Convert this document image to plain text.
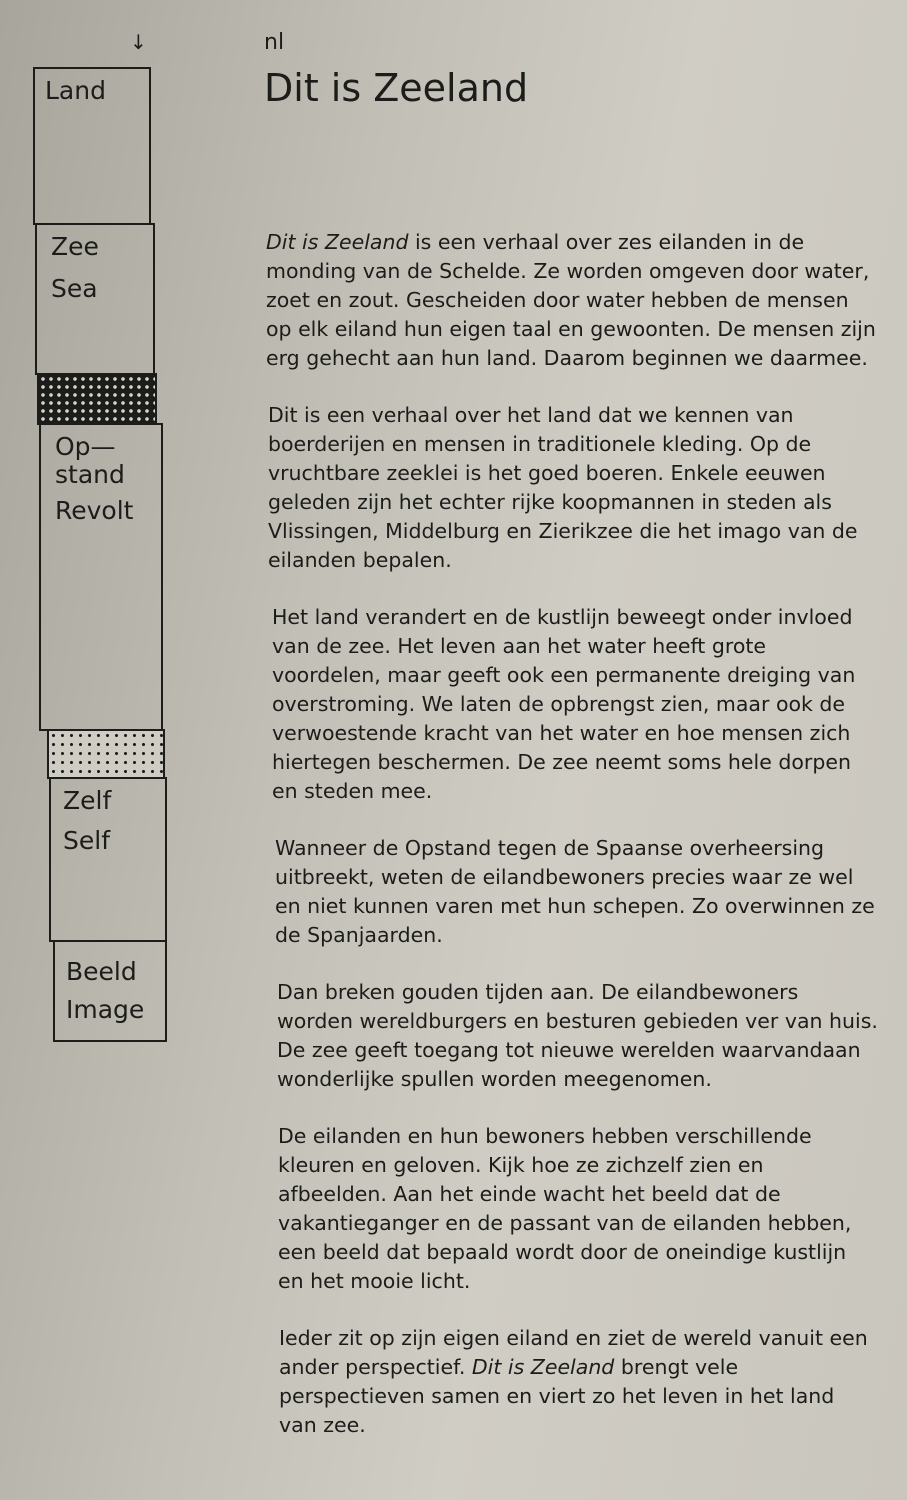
↓	nl
Dit is Zeeland
Land
Zee
Sea
Op—
stand
Revolt
Zelf
Self
Beeld
Image

Dit is Zeeland is een verhaal over zes eilanden in de monding van de Schelde. Ze worden omgeven door water, zoet en zout. Gescheiden door water hebben de mensen op elk eiland hun eigen taal en gewoonten. De mensen zijn erg gehecht aan hun land. Daarom beginnen we daarmee.

Dit is een verhaal over het land dat we kennen van boerderijen en mensen in traditionele kleding. Op de vruchtbare zeeklei is het goed boeren. Enkele eeuwen geleden zijn het echter rijke koopmannen in steden als Vlissingen, Middelburg en Zierikzee die het imago van de eilanden bepalen.

Het land verandert en de kustlijn beweegt onder invloed van de zee. Het leven aan het water heeft grote voordelen, maar geeft ook een permanente dreiging van overstroming. We laten de opbrengst zien, maar ook de verwoestende kracht van het water en hoe mensen zich hiertegen beschermen. De zee neemt soms hele dorpen en steden mee.

Wanneer de Opstand tegen de Spaanse overheersing uitbreekt, weten de eilandbewoners precies waar ze wel en niet kunnen varen met hun schepen. Zo overwinnen ze de Spanjaarden.

Dan breken gouden tijden aan. De eilandbewoners worden wereldburgers en besturen gebieden ver van huis. De zee geeft toegang tot nieuwe werelden waarvandaan wonderlijke spullen worden meegenomen.

De eilanden en hun bewoners hebben verschillende kleuren en geloven. Kijk hoe ze zichzelf zien en afbeelden. Aan het einde wacht het beeld dat de vakantieganger en de passant van de eilanden hebben, een beeld dat bepaald wordt door de oneindige kustlijn en het mooie licht.

Ieder zit op zijn eigen eiland en ziet de wereld vanuit een ander perspectief. Dit is Zeeland brengt vele perspectieven samen en viert zo het leven in het land van zee.
